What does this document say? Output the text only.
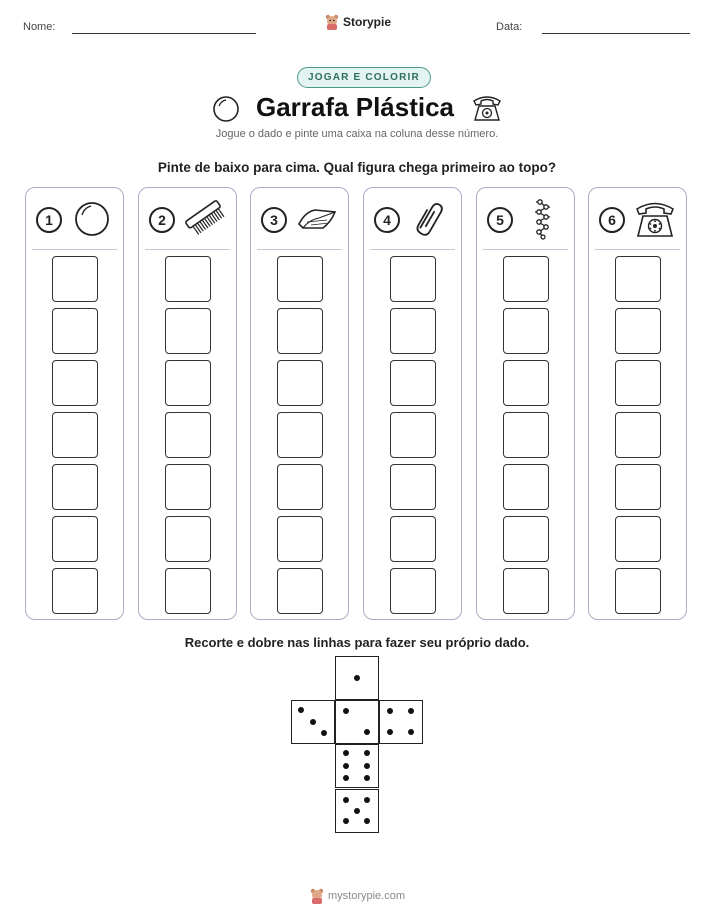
Nome:	Storypie	Data:
JOGAR E COLORIR
Garrafa Plástica
Jogue o dado e pinte uma caixa na coluna desse número.
Pinte de baixo para cima. Qual figura chega primeiro ao topo?
1	2	3	4	5	6
Recorte e dobre nas linhas para fazer seu próprio dado.
mystorypie.com
